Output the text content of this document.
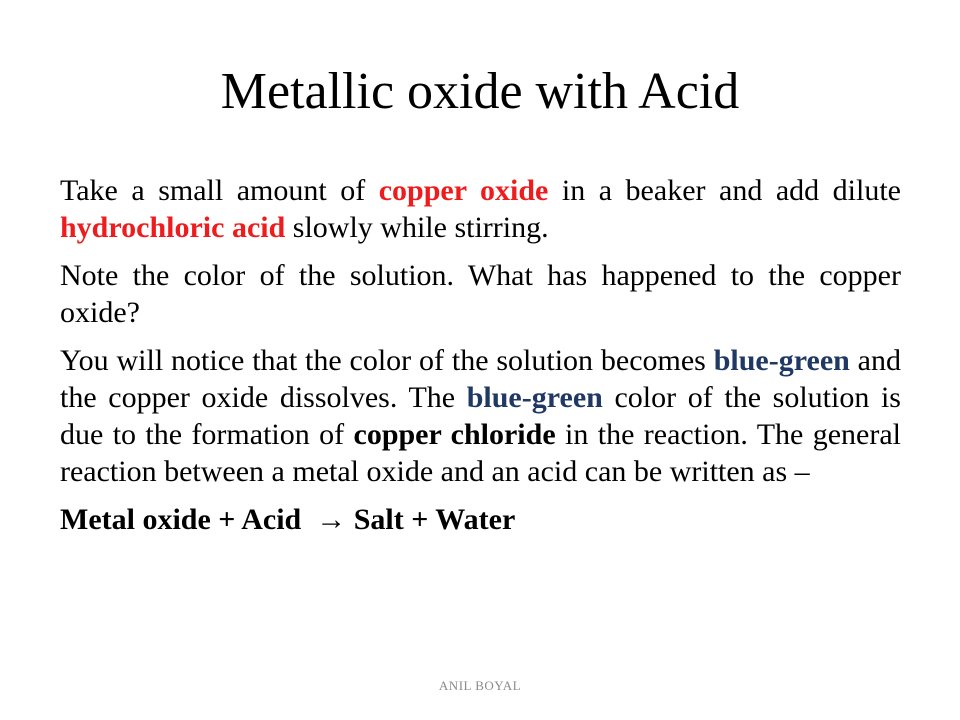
Metallic oxide with Acid

Take a small amount of copper oxide in a beaker and add dilute hydrochloric acid slowly while stirring.

Note the color of the solution. What has happened to the copper oxide?

You will notice that the color of the solution becomes blue-green and the copper oxide dissolves. The blue-green color of the solution is due to the formation of copper chloride in the reaction. The general reaction between a metal oxide and an acid can be written as –

Metal oxide + Acid  → Salt + Water

ANIL BOYAL
